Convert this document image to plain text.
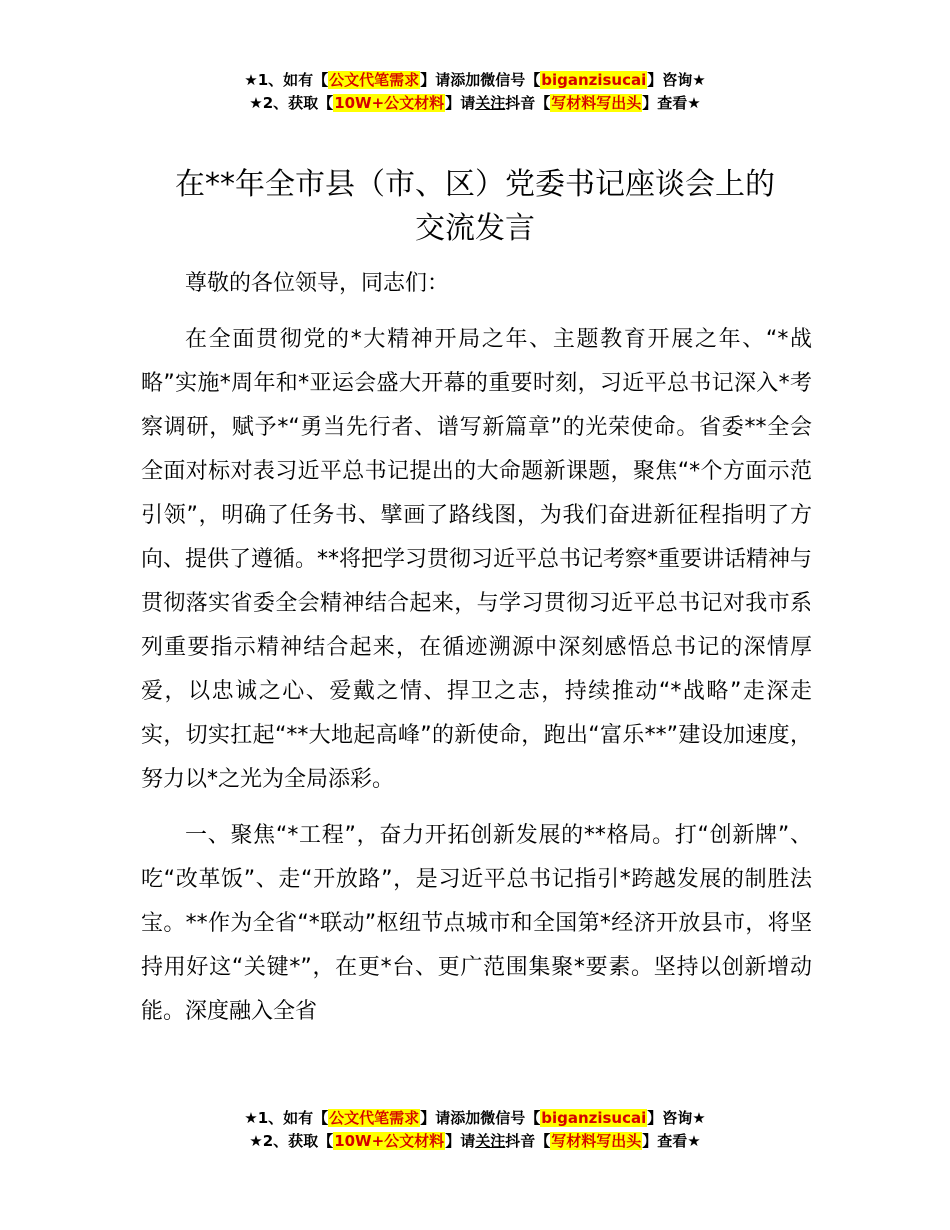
★1、如有【公文代笔需求】请添加微信号【biganzisucai】咨询★
★2、获取【10W+公文材料】请关注抖音【写材料写出头】查看★
在**年全市县（市、区）党委书记座谈会上的
交流发言

尊敬的各位领导，同志们：

在全面贯彻党的*大精神开局之年、主题教育开展之年、“*战略”实施*周年和*亚运会盛大开幕的重要时刻，习近平总书记深入*考察调研，赋予*“勇当先行者、谱写新篇章”的光荣使命。省委**全会全面对标对表习近平总书记提出的大命题新课题，聚焦“*个方面示范引领”，明确了任务书、擘画了路线图，为我们奋进新征程指明了方向、提供了遵循。**将把学习贯彻习近平总书记考察*重要讲话精神与贯彻落实省委全会精神结合起来，与学习贯彻习近平总书记对我市系列重要指示精神结合起来，在循迹溯源中深刻感悟总书记的深情厚爱，以忠诚之心、爱戴之情、捍卫之志，持续推动“*战略”走深走实，切实扛起“**大地起高峰”的新使命，跑出“富乐**”建设加速度，努力以*之光为全局添彩。

一、聚焦“*工程”，奋力开拓创新发展的**格局。打“创新牌”、吃“改革饭”、走“开放路”，是习近平总书记指引*跨越发展的制胜法宝。**作为全省“*联动”枢纽节点城市和全国第*经济开放县市，将坚持用好这“关键*”，在更*台、更广范围集聚*要素。坚持以创新增动能。深度融入全省

★1、如有【公文代笔需求】请添加微信号【biganzisucai】咨询★
★2、获取【10W+公文材料】请关注抖音【写材料写出头】查看★
